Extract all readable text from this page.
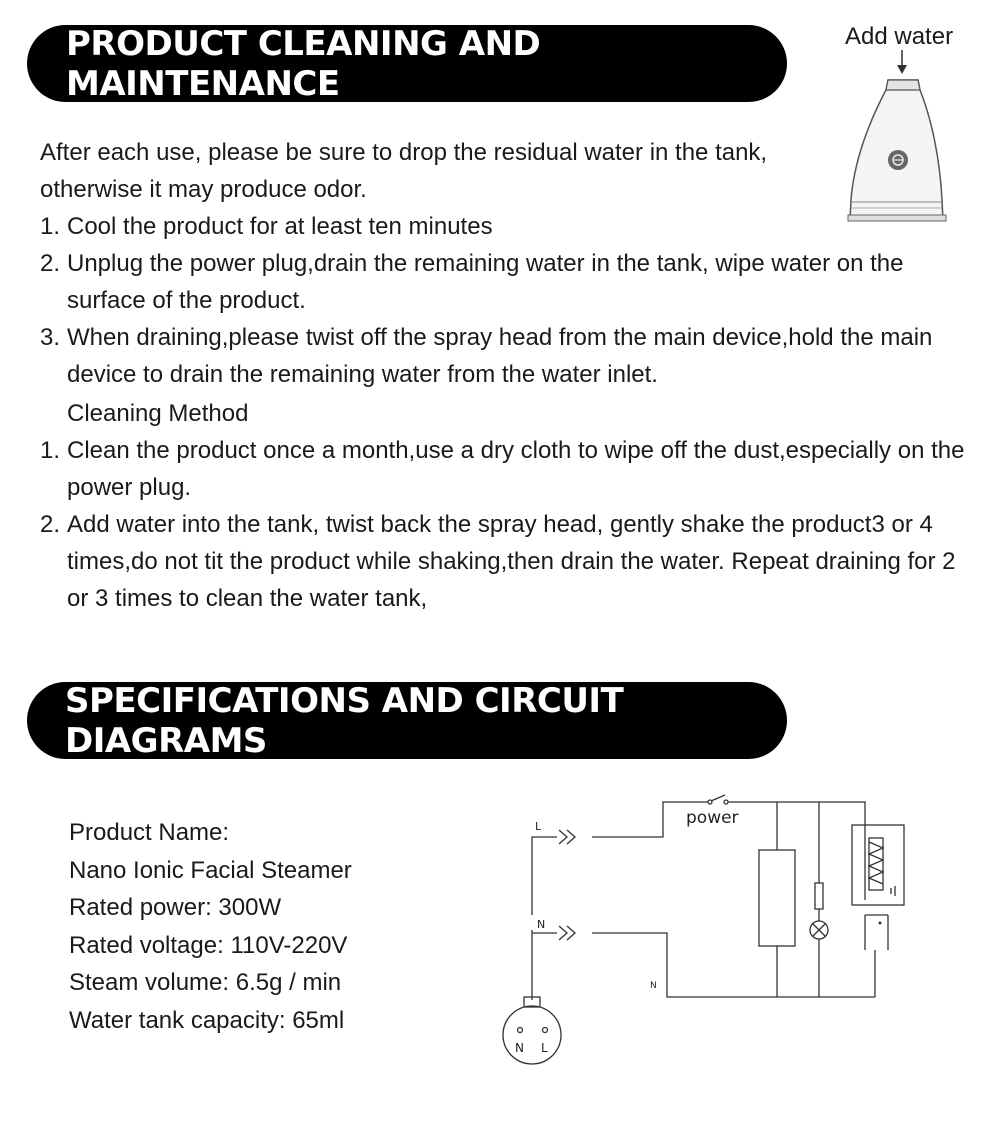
PRODUCT CLEANING AND MAINTENANCE
Add water
After each use, please be sure to drop the residual water in the tank,
otherwise it may produce odor.
1. Cool the product for at least ten minutes
2. Unplug the power plug,drain the remaining water in the tank, wipe water on the surface of the product.
3. When draining,please twist off the spray head from the main device,hold the main device to drain the remaining water from the water inlet.
Cleaning Method
1. Clean the product once a month,use a dry cloth to wipe off the dust,especially on the power plug.
2. Add water into the tank, twist back the spray head, gently shake the product3 or 4 times,do not tit the product while shaking,then drain the water. Repeat draining for 2 or 3 times to clean the water tank,
SPECIFICATIONS AND CIRCUIT DIAGRAMS
Product Name:
Nano Ionic Facial Steamer
Rated power: 300W
Rated voltage: 110V-220V
Steam volume: 6.5g / min
Water tank capacity: 65ml
L
N
N
power
N L
